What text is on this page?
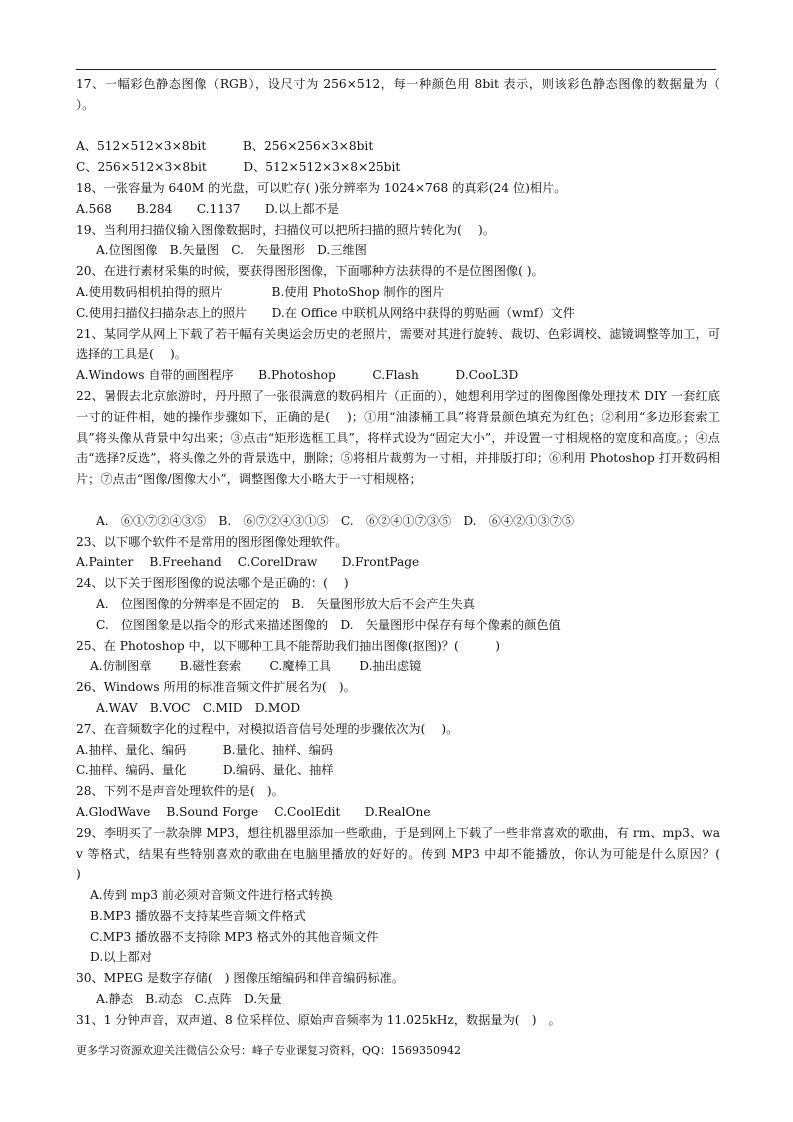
17、一幅彩色静态图像（RGB），设尺寸为 256×512，每一种颜色用 8bit 表示，则该彩色静态图像的数据量为（　　）。
A、512×512×3×8bit　　　B、256×256×3×8bit
C、256×512×3×8bit　　　D、512×512×3×8×25bit
18、一张容量为 640M 的光盘，可以贮存( )张分辨率为 1024×768 的真彩(24 位)相片。
A.568　　B.284　　C.1137　　D.以上都不是
19、当利用扫描仪输入图像数据时，扫描仪可以把所扫描的照片转化为(　 )。
A.位图图像　B.矢量图　C.　矢量图形　D.三维图
20、在进行素材采集的时候，要获得图形图像，下面哪种方法获得的不是位图图像( )。
A.使用数码相机拍得的照片　　　　B.使用 PhotoShop 制作的图片
C.使用扫描仪扫描杂志上的照片　　D.在 Office 中联机从网络中获得的剪贴画（wmf）文件
21、某同学从网上下载了若干幅有关奥运会历史的老照片，需要对其进行旋转、裁切、色彩调校、滤镜调整等加工，可选择的工具是(　 )。
A.Windows 自带的画图程序　　B.Photoshop　　　C.Flash　　　D.CooL3D
22、暑假去北京旅游时，丹丹照了一张很满意的数码相片（正面的），她想利用学过的图像图像处理技术 DIY 一套红底一寸的证件相，她的操作步骤如下，正确的是(　 )；①用“油漆桶工具”将背景颜色填充为红色；②利用“多边形套索工具”将头像从背景中勾出来；③点击“矩形选框工具”，将样式设为“固定大小”，并设置一寸相规格的宽度和高度。；④点击“选择?反选”，将头像之外的背景选中，删除；⑤将相片裁剪为一寸相，并排版打印；⑥利用 Photoshop 打开数码相片；⑦点击“图像/图像大小”，调整图像大小略大于一寸相规格；
A.　⑥①⑦②④③⑤　B.　⑥⑦②④③①⑤　C.　⑥②④①⑦③⑤　D.　⑥④②①③⑦⑤
23、以下哪个软件不是常用的图形图像处理软件。
A.Painter　 B.Freehand　 C.CorelDraw　　D.FrontPage
24、以下关于图形图像的说法哪个是正确的：(　 )
A.　位图图像的分辨率是不固定的　B.　矢量图形放大后不会产生失真
C.　位图图象是以指令的形式来描述图像的　D.　矢量图形中保存有每个像素的颜色值
25、在 Photoshop 中，以下哪种工具不能帮助我们抽出图像(抠图)？(　　　)
A.仿制图章　　 B.磁性套索　　 C.魔棒工具　　 D.抽出虑镜
26、Windows 所用的标准音频文件扩展名为(　)。
A.WAV　B.VOC　C.MID　D.MOD
27、在音频数字化的过程中，对模拟语音信号处理的步骤依次为(　 )。
A.抽样、量化、编码　　　B.量化、抽样、编码
C.抽样、编码、量化　　　D.编码、量化、抽样
28、下列不是声音处理软件的是(　)。
A.GlodWave　 B.Sound Forge　 C.CoolEdit　　D.RealOne
29、李明买了一款杂牌 MP3，想往机器里添加一些歌曲，于是到网上下载了一些非常喜欢的歌曲，有 rm、mp3、wav 等格式，结果有些特别喜欢的歌曲在电脑里播放的好好的。传到 MP3 中却不能播放，你认为可能是什么原因？(　　　)
A.传到 mp3 前必须对音频文件进行格式转换
B.MP3 播放器不支持某些音频文件格式
C.MP3 播放器不支持除 MP3 格式外的其他音频文件
D.以上都对
30、MPEG 是数字存储(　) 图像压缩编码和伴音编码标准。
A.静态　B.动态　C.点阵　D.矢量
31、1 分钟声音，双声道、8 位采样位、原始声音频率为 11.025kHz，数据量为(　)　。
更多学习资源欢迎关注微信公众号：峰子专业课复习资料，QQ：1569350942
